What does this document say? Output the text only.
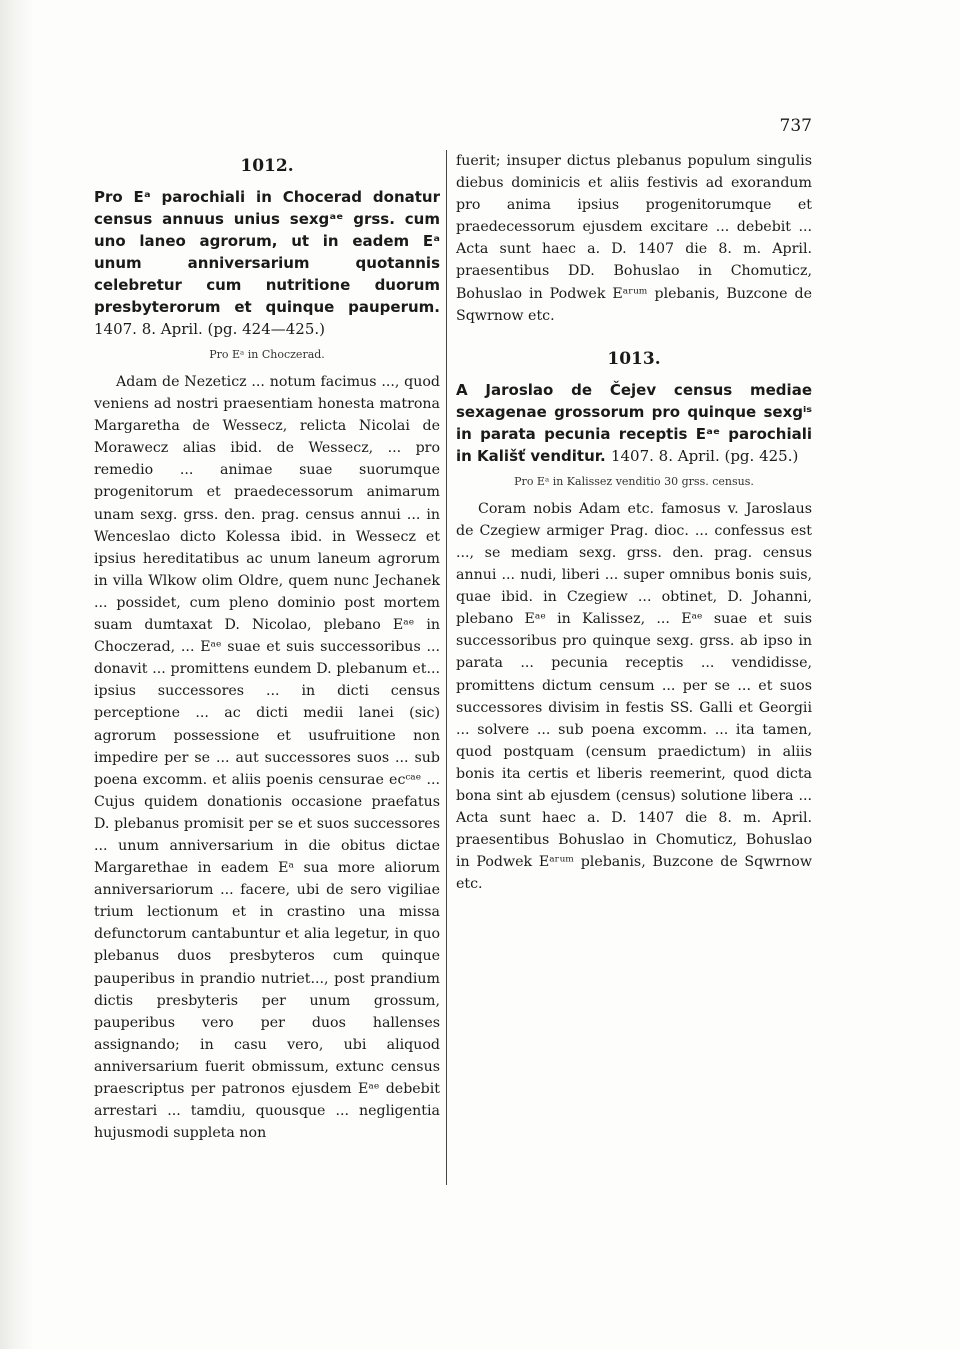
737
1012.
Pro Eᵃ parochiali in Chocerad donatur census annuus unius sexgᵃᵉ grss. cum uno laneo agrorum, ut in eadem Eᵃ unum anniversarium quotannis celebretur cum nutritione duorum presbyterorum et quinque pauperum. 1407. 8. April. (pg. 424—425.)
Pro Eᵃ in Choczerad.

Adam de Nezeticz ... notum facimus ..., quod veniens ad nostri praesentiam honesta matrona Margaretha de Wessecz, relicta Nicolai de Morawecz alias ibid. de Wessecz, ... pro remedio ... animae suae suorumque progenitorum et praedecessorum animarum unam sexg. grss. den. prag. census annui ... in Wenceslao dicto Kolessa ibid. in Wessecz et ipsius hereditatibus ac unum laneum agrorum in villa Wlkow olim Oldre, quem nunc Jechanek ... possidet, cum pleno dominio post mortem suam dumtaxat D. Nicolao, plebano Eᵃᵉ in Choczerad, ... Eᵃᵉ suae et suis successoribus ... donavit ... promittens eundem D. plebanum et... ipsius successores ... in dicti census perceptione ... ac dicti medii lanei (sic) agrorum possessione et usufruitione non impedire per se ... aut successores suos ... sub poena excomm. et aliis poenis censurae ecᶜᵃᵉ ... Cujus quidem donationis occasione praefatus D. plebanus promisit per se et suos successores ... unum anniversarium in die obitus dictae Margarethae in eadem Eᵃ sua more aliorum anniversariorum ... facere, ubi de sero vigiliae trium lectionum et in crastino una missa defunctorum cantabuntur et alia legetur, in quo plebanus duos presbyteros cum quinque pauperibus in prandio nutriet..., post prandium dictis presbyteris per unum grossum, pauperibus vero per duos hallenses assignando; in casu vero, ubi aliquod anniversarium fuerit obmissum, extunc census praescriptus per patronos ejusdem Eᵃᵉ debebit arrestari ... tamdiu, quousque ... negligentia hujusmodi suppleta non

fuerit; insuper dictus plebanus populum singulis diebus dominicis et aliis festivis ad exorandum pro anima ipsius progenitorumque et praedecessorum ejusdem excitare ... debebit ... Acta sunt haec a. D. 1407 die 8. m. April. praesentibus DD. Bohuslao in Chomuticz, Bohuslao in Podwek Eᵃʳᵘᵐ plebanis, Buzcone de Sqwrnow etc.

1013.
A Jaroslao de Čejev census mediae sexagenae grossorum pro quinque sexgⁱˢ in parata pecunia receptis Eᵃᵉ parochiali in Kališť venditur. 1407. 8. April. (pg. 425.)
Pro Eᵃ in Kalissez venditio 30 grss. census.

Coram nobis Adam etc. famosus v. Jaroslaus de Czegiew armiger Prag. dioc. ... confessus est ..., se mediam sexg. grss. den. prag. census annui ... nudi, liberi ... super omnibus bonis suis, quae ibid. in Czegiew ... obtinet, D. Johanni, plebano Eᵃᵉ in Kalissez, ... Eᵃᵉ suae et suis successoribus pro quinque sexg. grss. ab ipso in parata ... pecunia receptis ... vendidisse, promittens dictum censum ... per se ... et suos successores divisim in festis SS. Galli et Georgii ... solvere ... sub poena excomm. ... ita tamen, quod postquam (censum praedictum) in aliis bonis ita certis et liberis reemerint, quod dicta bona sint ab ejusdem (census) solutione libera ... Acta sunt haec a. D. 1407 die 8. m. April. praesentibus Bohuslao in Chomuticz, Bohuslao in Podwek Eᵃʳᵘᵐ plebanis, Buzcone de Sqwrnow etc.
